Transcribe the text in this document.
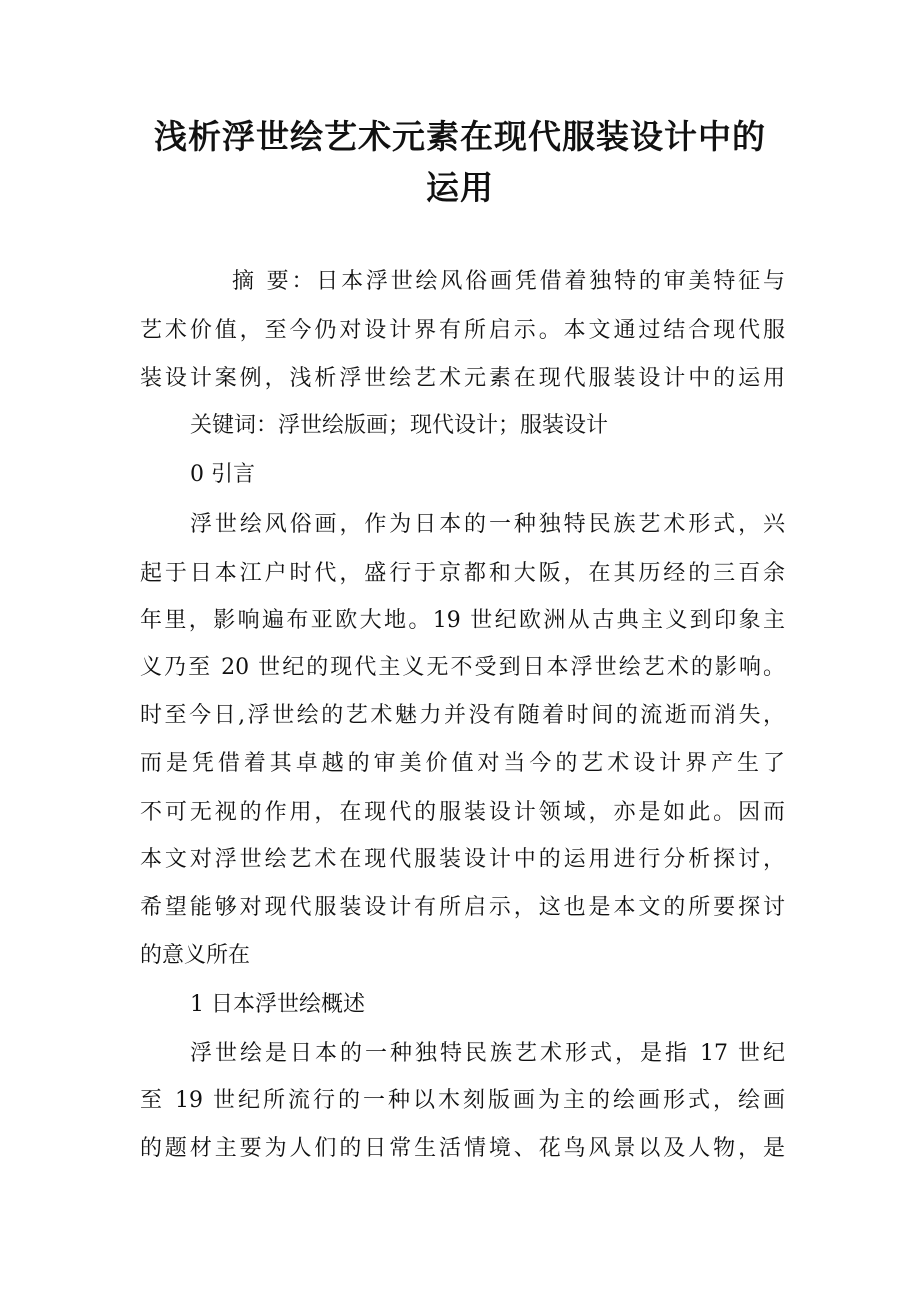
浅析浮世绘艺术元素在现代服装设计中的
运用
摘 要：日本浮世绘风俗画凭借着独特的审美特征与
艺术价值，至今仍对设计界有所启示。本文通过结合现代服
装设计案例，浅析浮世绘艺术元素在现代服装设计中的运用
关键词：浮世绘版画；现代设计；服装设计
0 引言
浮世绘风俗画，作为日本的一种独特民族艺术形式，兴
起于日本江户时代，盛行于京都和大阪，在其历经的三百余
年里，影响遍布亚欧大地。19 世纪欧洲从古典主义到印象主
义乃至 20 世纪的现代主义无不受到日本浮世绘艺术的影响。
时至今日,浮世绘的艺术魅力并没有随着时间的流逝而消失，
而是凭借着其卓越的审美价值对当今的艺术设计界产生了
不可无视的作用，在现代的服装设计领域，亦是如此。因而
本文对浮世绘艺术在现代服装设计中的运用进行分析探讨，
希望能够对现代服装设计有所启示，这也是本文的所要探讨
的意义所在
1 日本浮世绘概述
浮世绘是日本的一种独特民族艺术形式，是指 17 世纪
至 19 世纪所流行的一种以木刻版画为主的绘画形式，绘画
的题材主要为人们的日常生活情境、花鸟风景以及人物，是
